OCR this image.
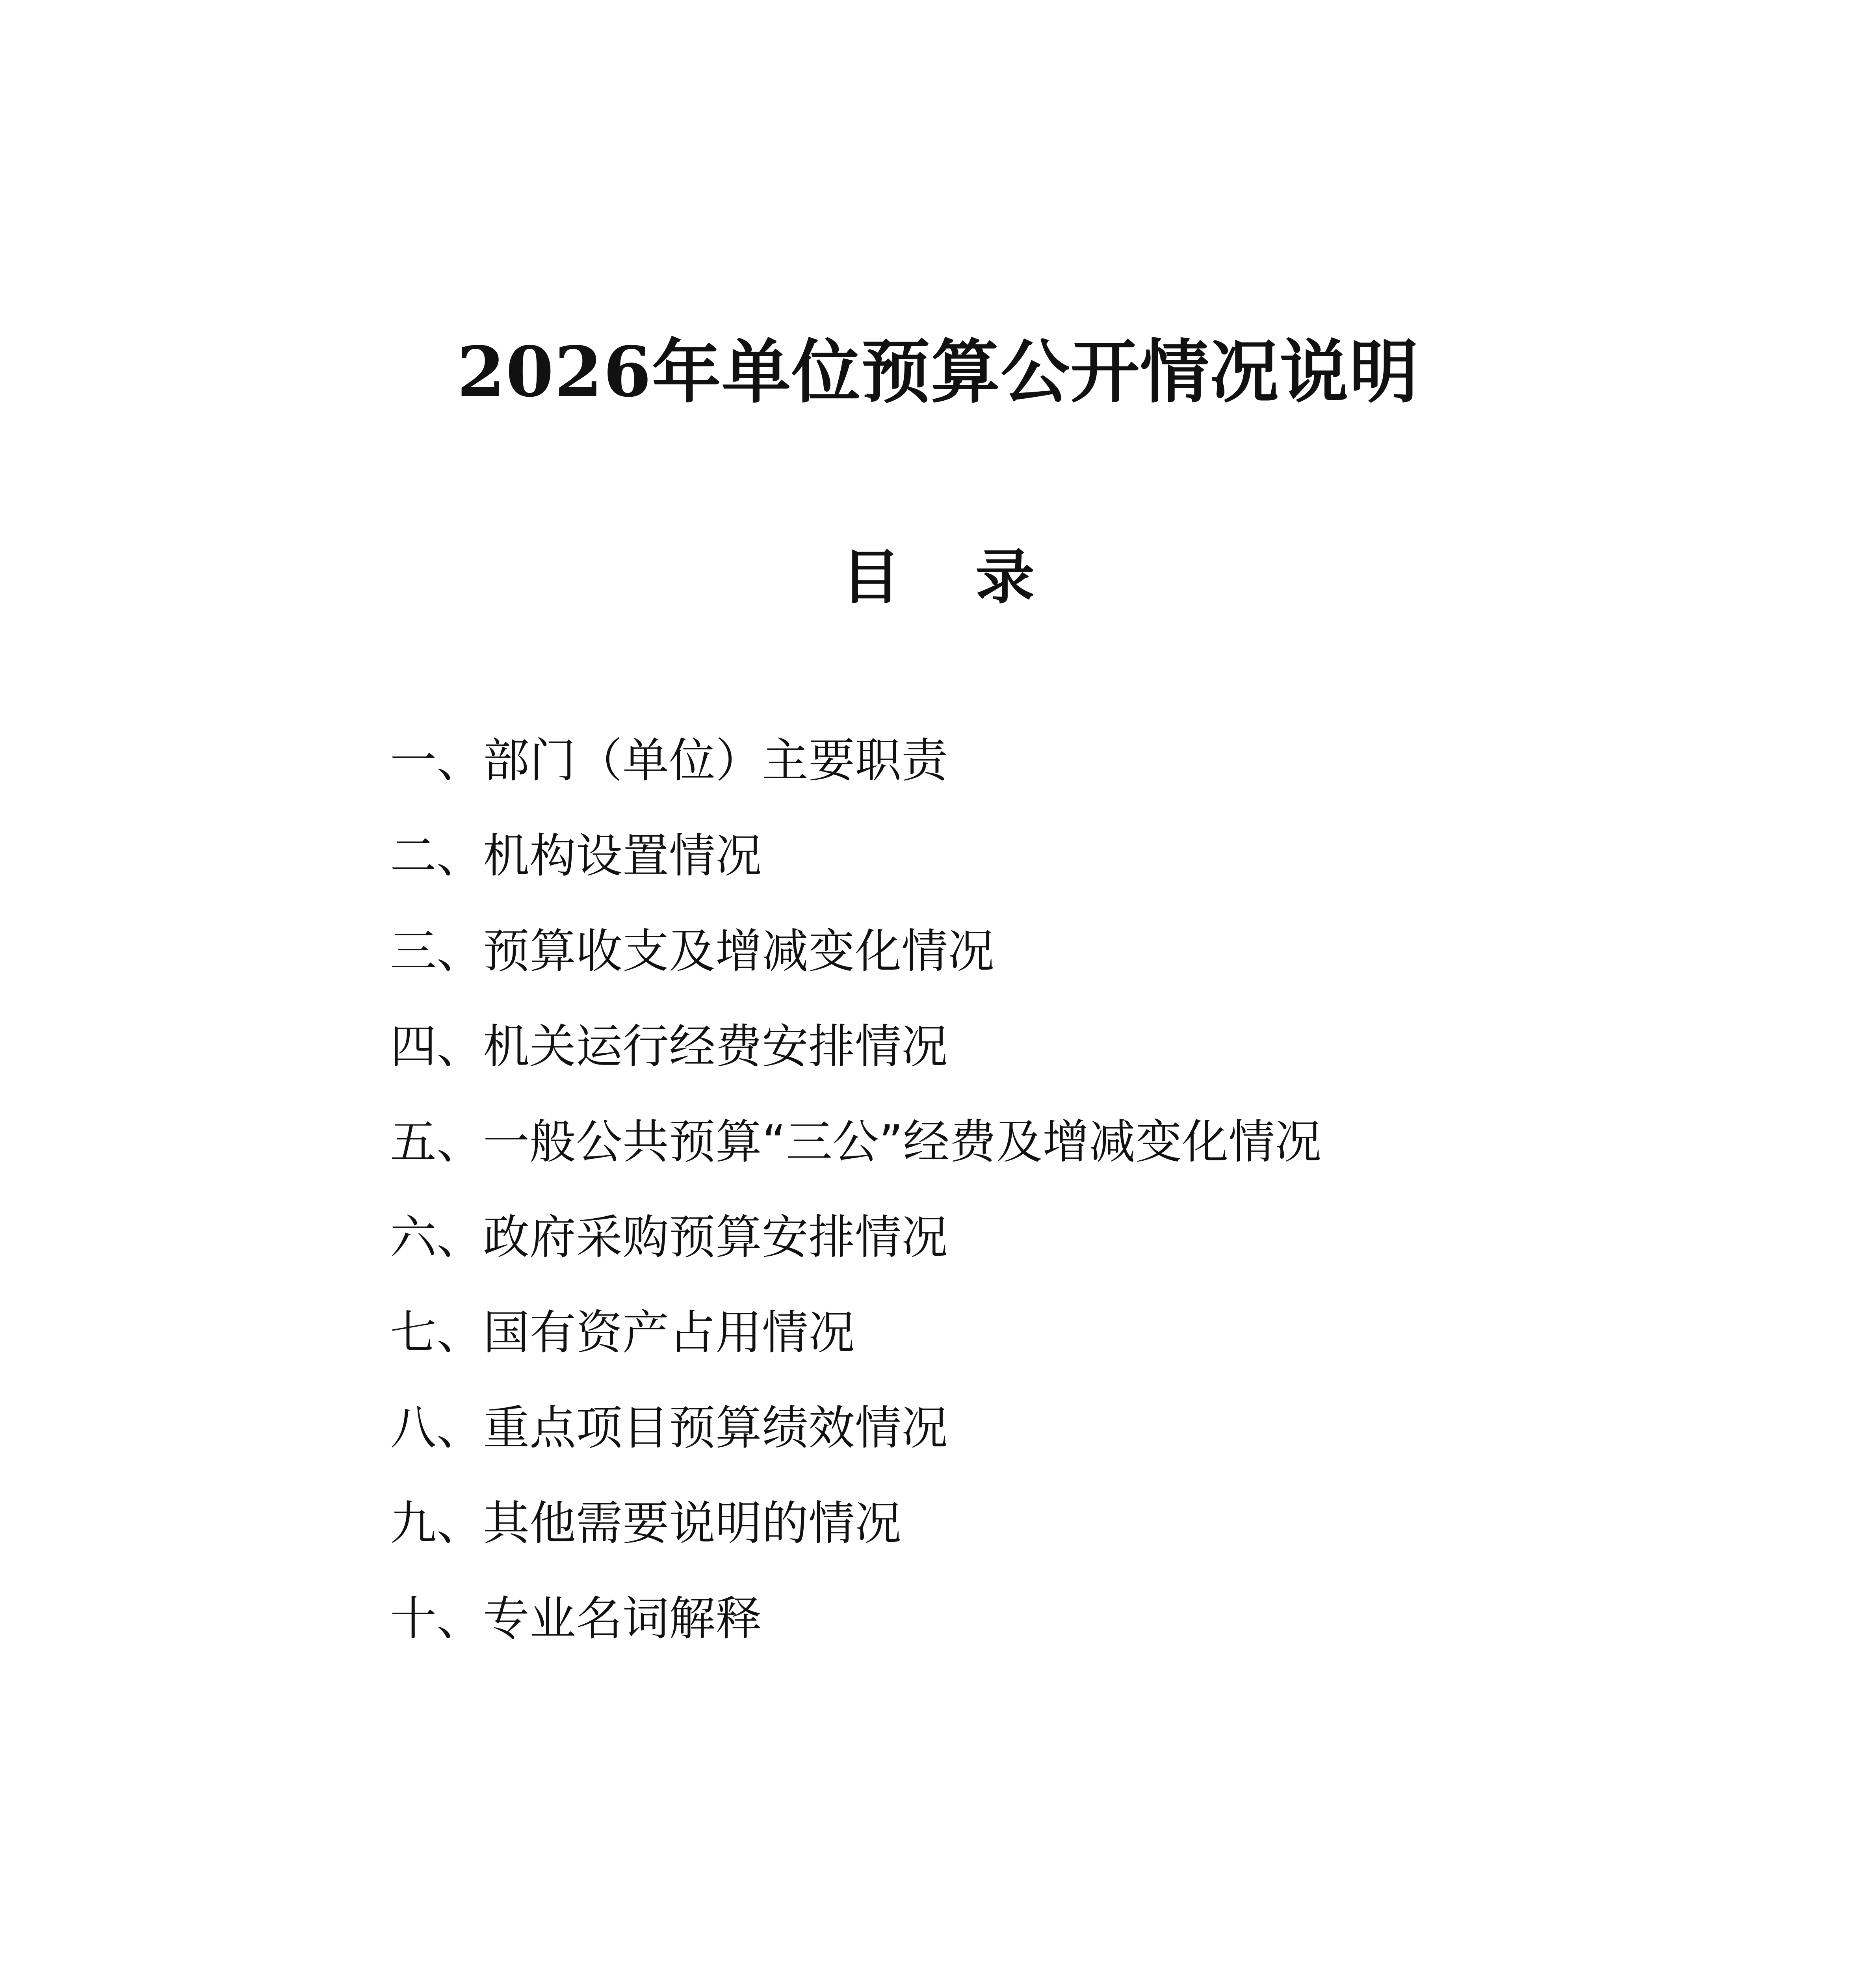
2026年单位预算公开情况说明
目 录
一、部门（单位）主要职责
二、机构设置情况
三、预算收支及增减变化情况
四、机关运行经费安排情况
五、一般公共预算“三公”经费及增减变化情况
六、政府采购预算安排情况
七、国有资产占用情况
八、重点项目预算绩效情况
九、其他需要说明的情况
十、专业名词解释
